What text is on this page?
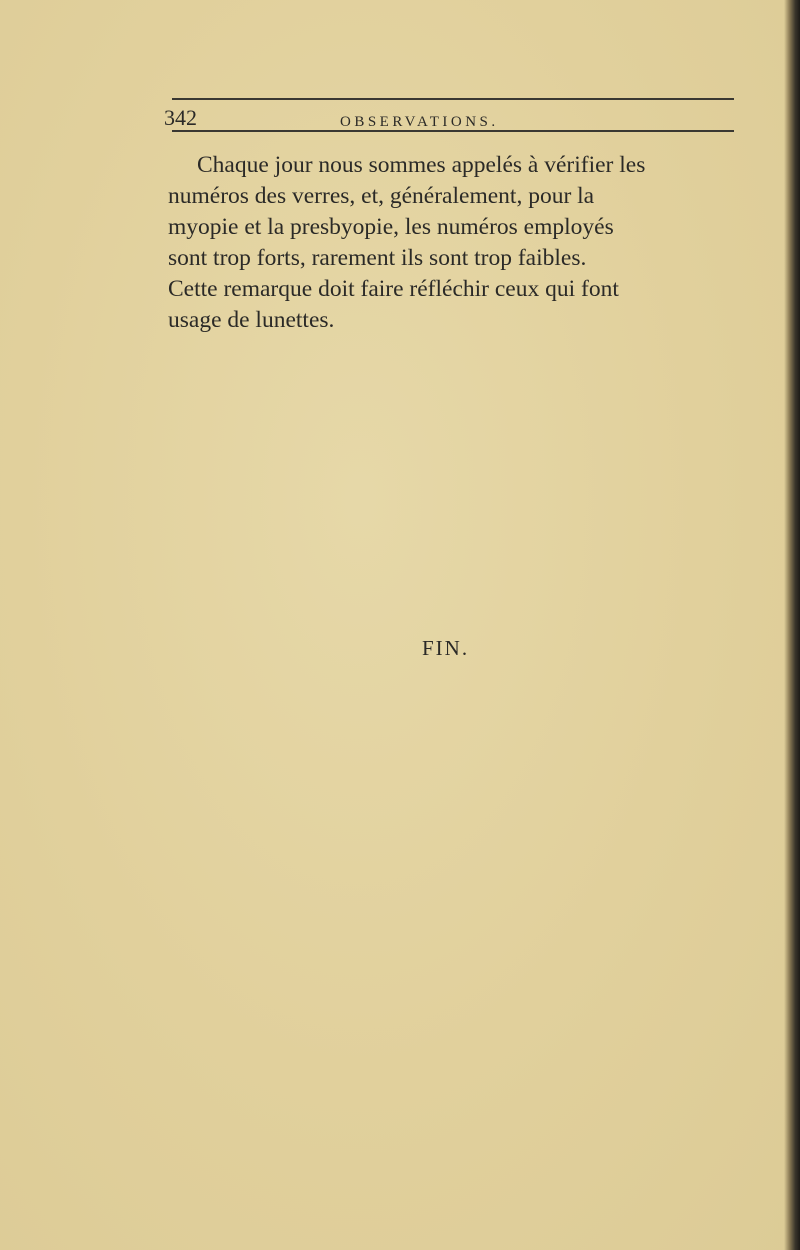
342	OBSERVATIONS.
Chaque jour nous sommes appelés à vérifier les
numéros des verres, et, généralement, pour la
myopie et la presbyopie, les numéros employés
sont trop forts, rarement ils sont trop faibles.
Cette remarque doit faire réfléchir ceux qui font
usage de lunettes.
FIN.
